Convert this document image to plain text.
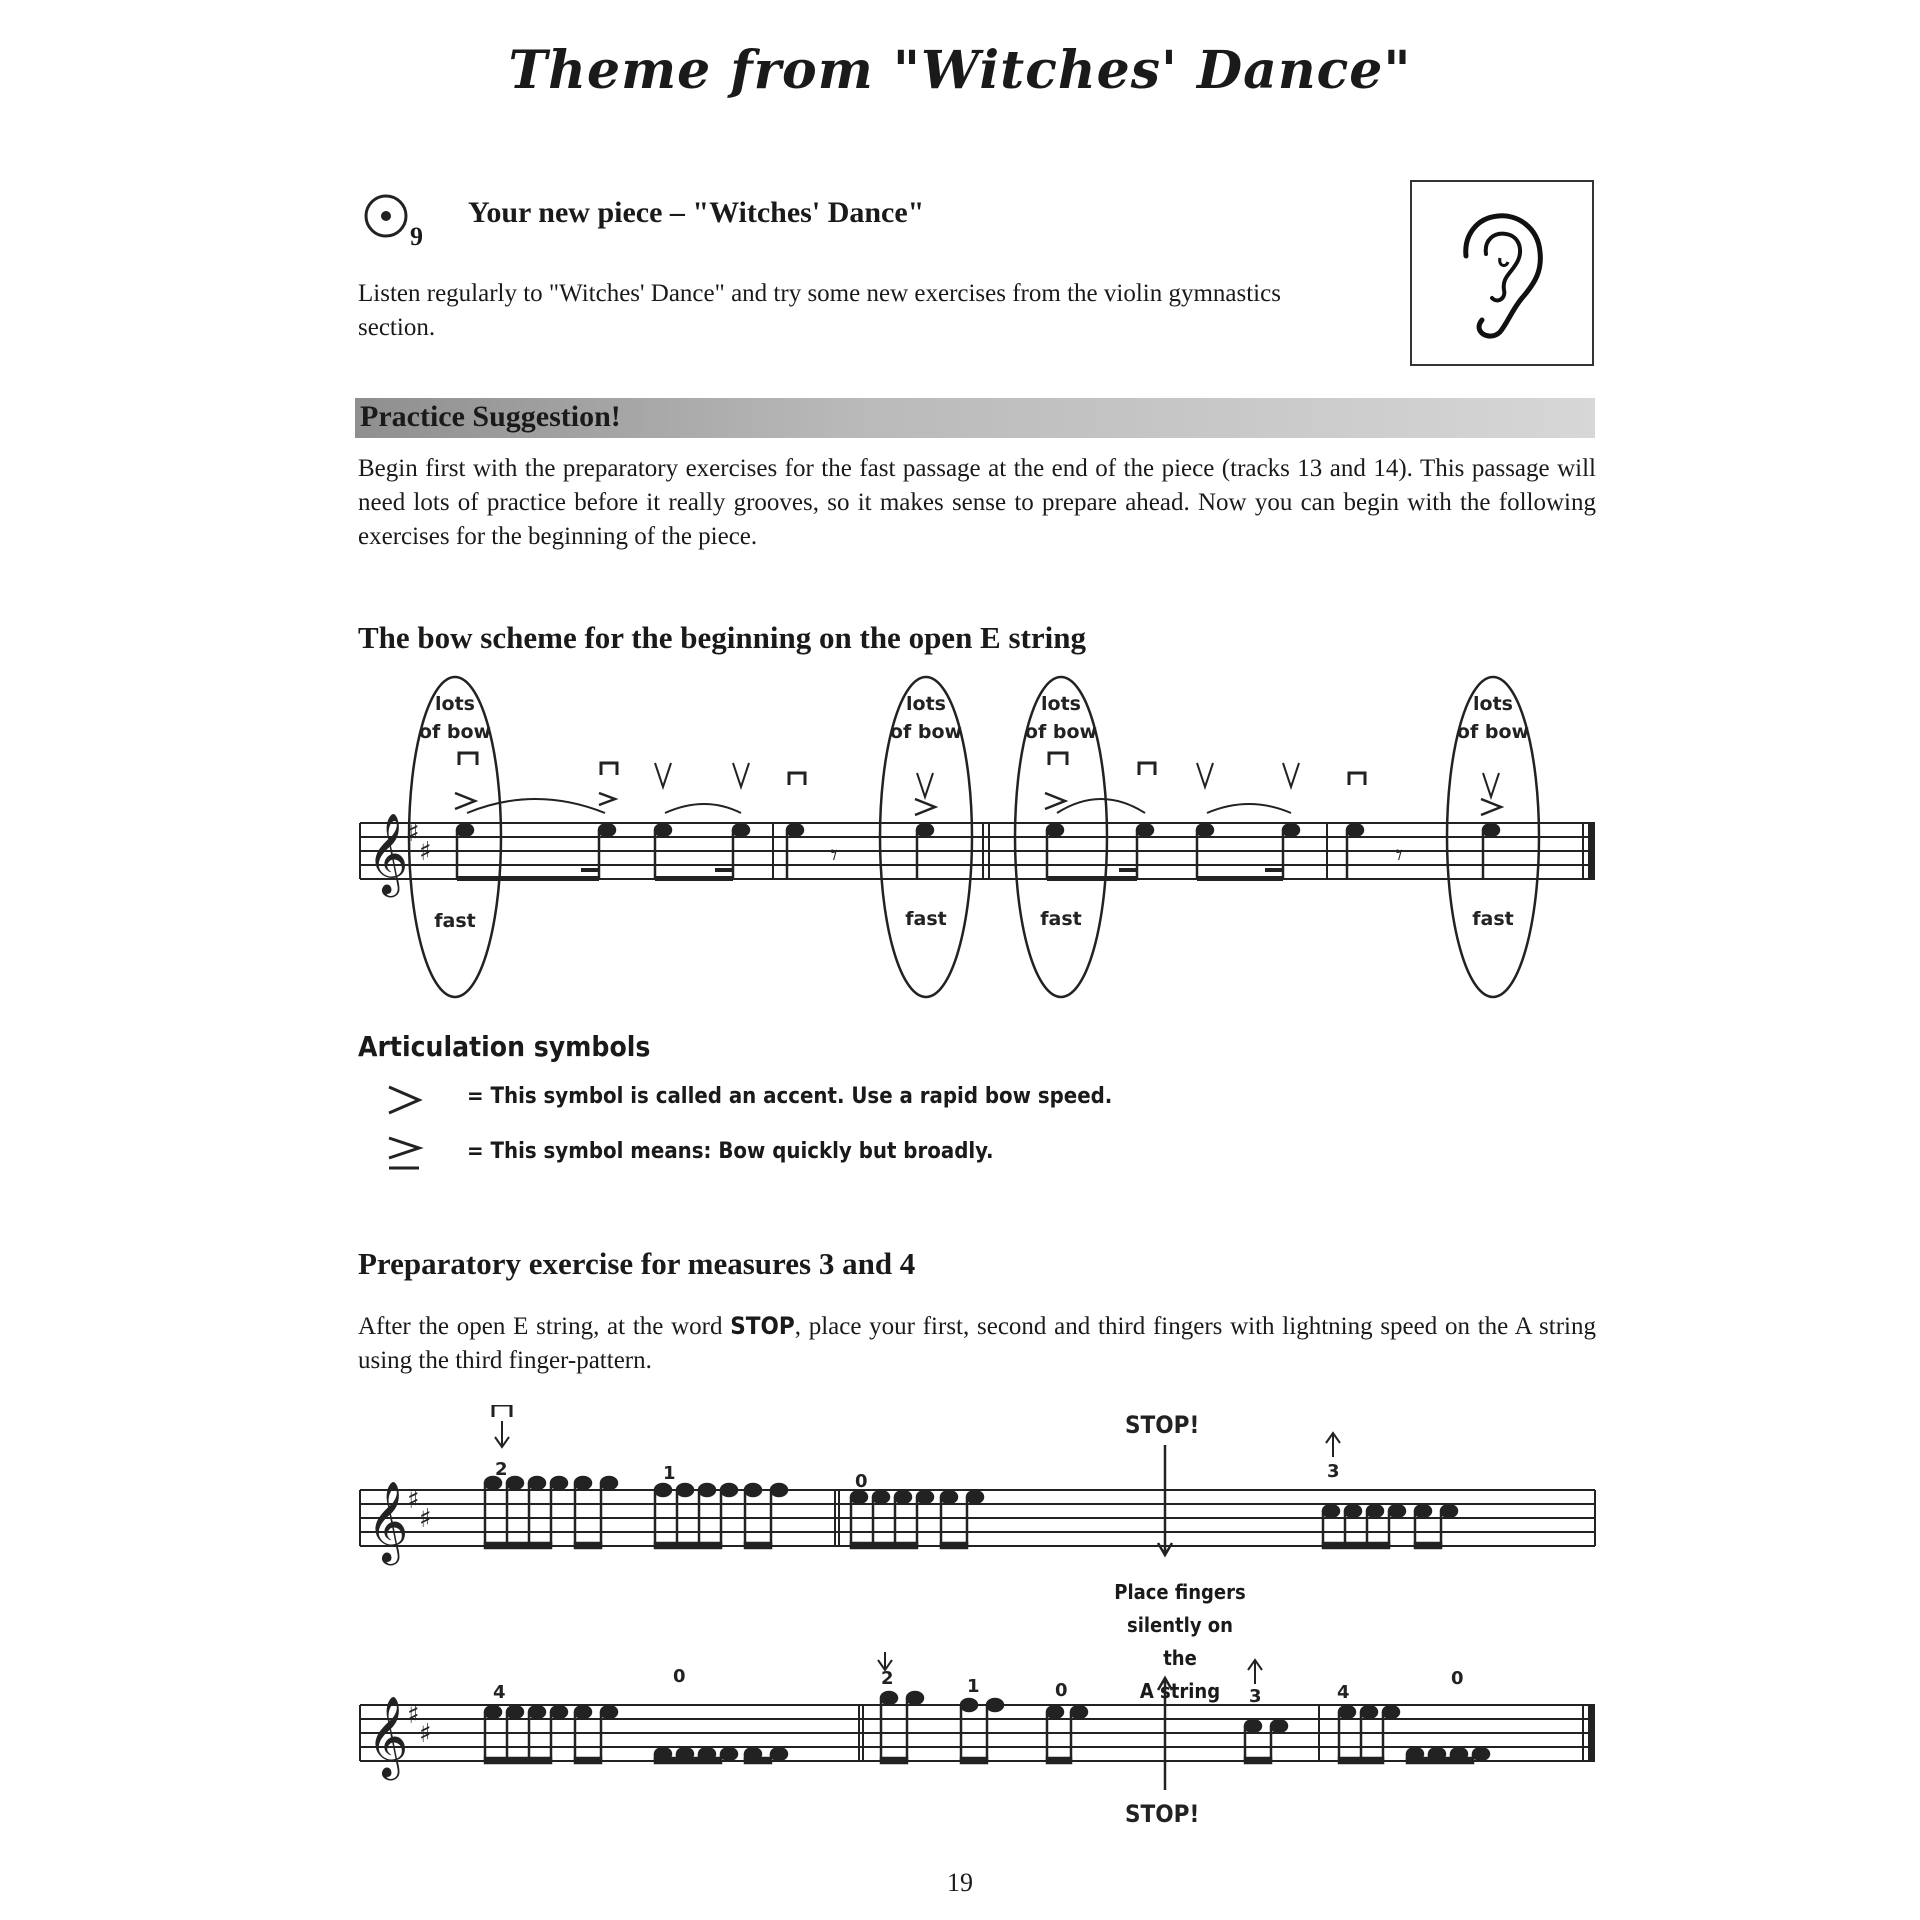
Theme from "Witches' Dance"
9
Your new piece – "Witches' Dance"
Listen regularly to "Witches' Dance" and try some new exercises from the violin gymnastics section.
Practice Suggestion!
Begin first with the preparatory exercises for the fast passage at the end of the piece (tracks 13 and 14). This passage will need lots of practice before it really grooves, so it makes sense to prepare ahead. Now you can begin with the following exercises for the beginning of the piece.
The bow scheme for the beginning on the open E string
𝄞
♯
♯	𝄾	𝄾
lots
of bow
fast
lots
of bow
fast
lots
of bow
fast
lots
of bow
fast
Articulation symbols
= This symbol is called an accent. Use a rapid bow speed.
= This symbol means: Bow quickly but broadly.
Preparatory exercise for measures 3 and 4
After the open E string, at the word STOP, place your first, second and third fingers with lightning speed on the A string using the third finger-pattern.
𝄞
♯
♯
2	1	0	3
STOP!
Place fingers
silently on the
A string
𝄞
♯
♯
4
0	2	1	0	3	4
0
STOP!
19
